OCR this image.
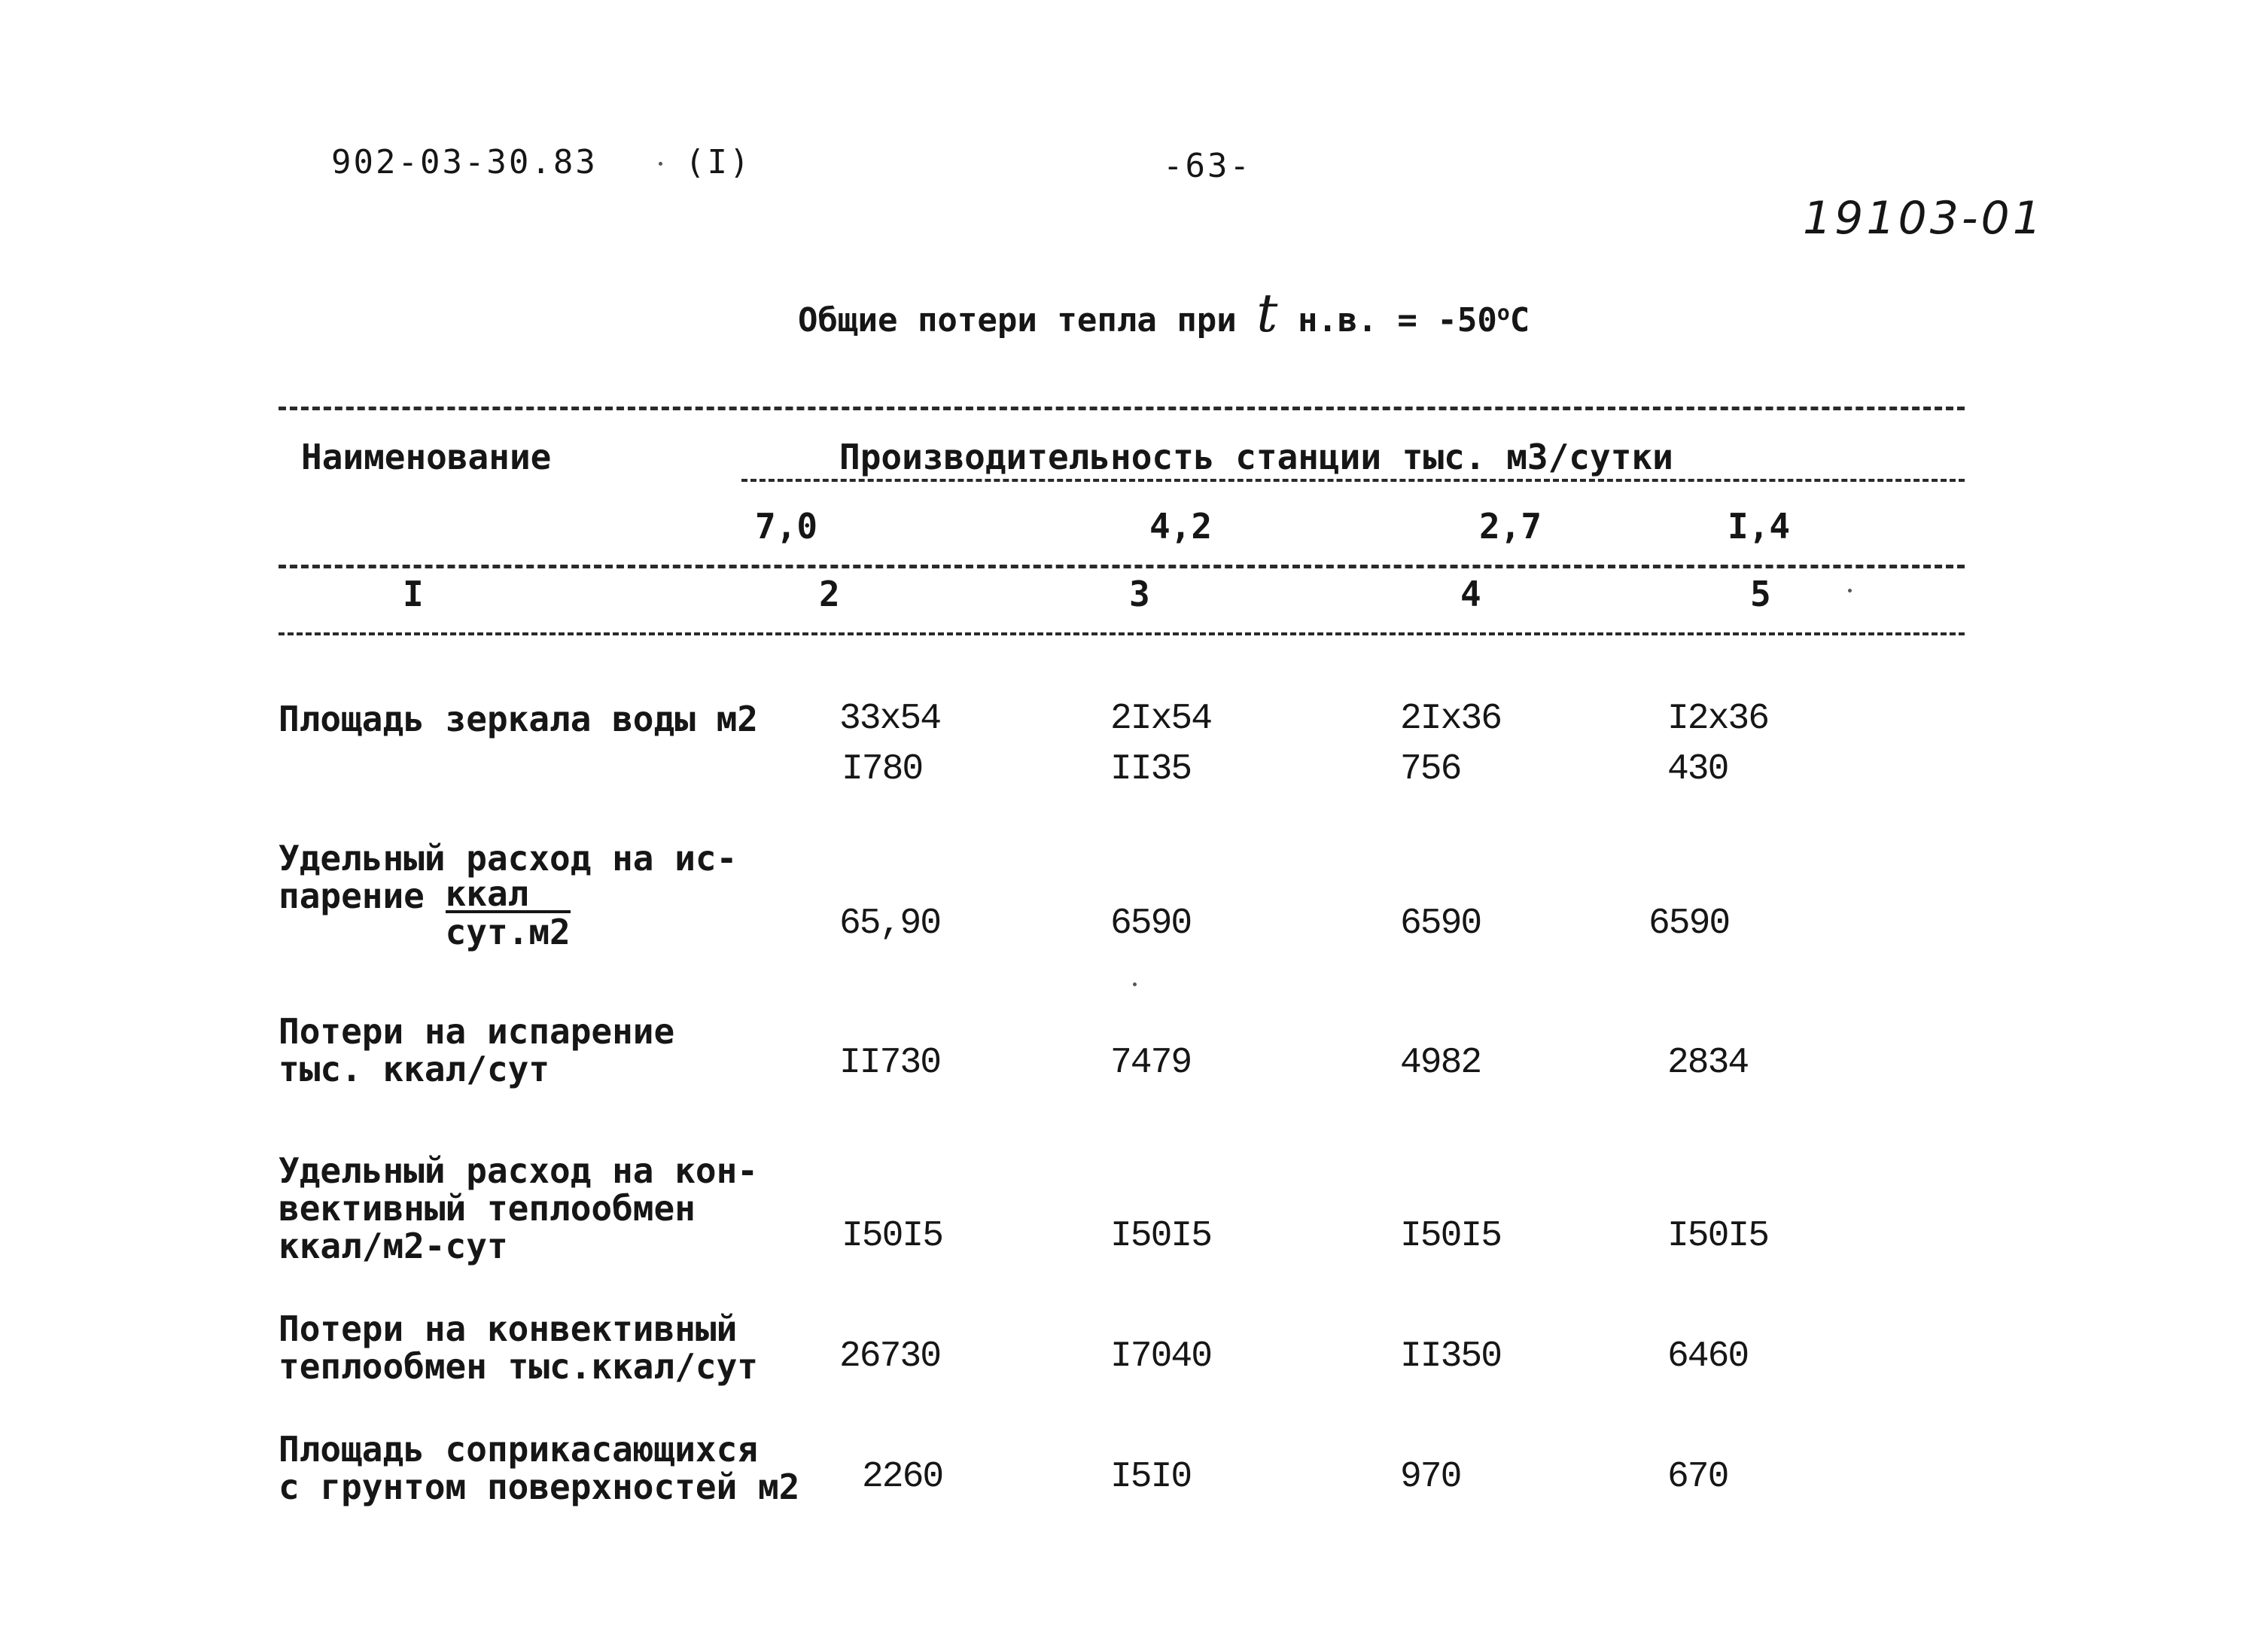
902-03-30.83	(I)	-63-
19103-01
Общие потери тепла при t н.в. = $-50^оС$
Наименование	Производительность станции тыс. м3/сутки
7,0	4,2	2,7	I,4
I	2	3	4	5
Площадь зеркала воды м2 33x54	2Ix54	2Ix36	I2x36
I780	II35	756	430
Удельный расход на ис-
парение $\frac{\text{ккал}}{\text{сут.м2}}$	65,90	6590	6590	6590
Потери на испарение
тыс. ккал/сут	II730	7479	4982	2834
Удельный расход на кон-
вективный теплообмен
ккал/м2-сут	I50I5	I50I5	I50I5	I50I5
Потери на конвективный
теплообмен тыс.ккал/сут 26730	I7040	II350	6460
Площадь соприкасающихся
с грунтом поверхностей м2 2260	I5I0	970	670
